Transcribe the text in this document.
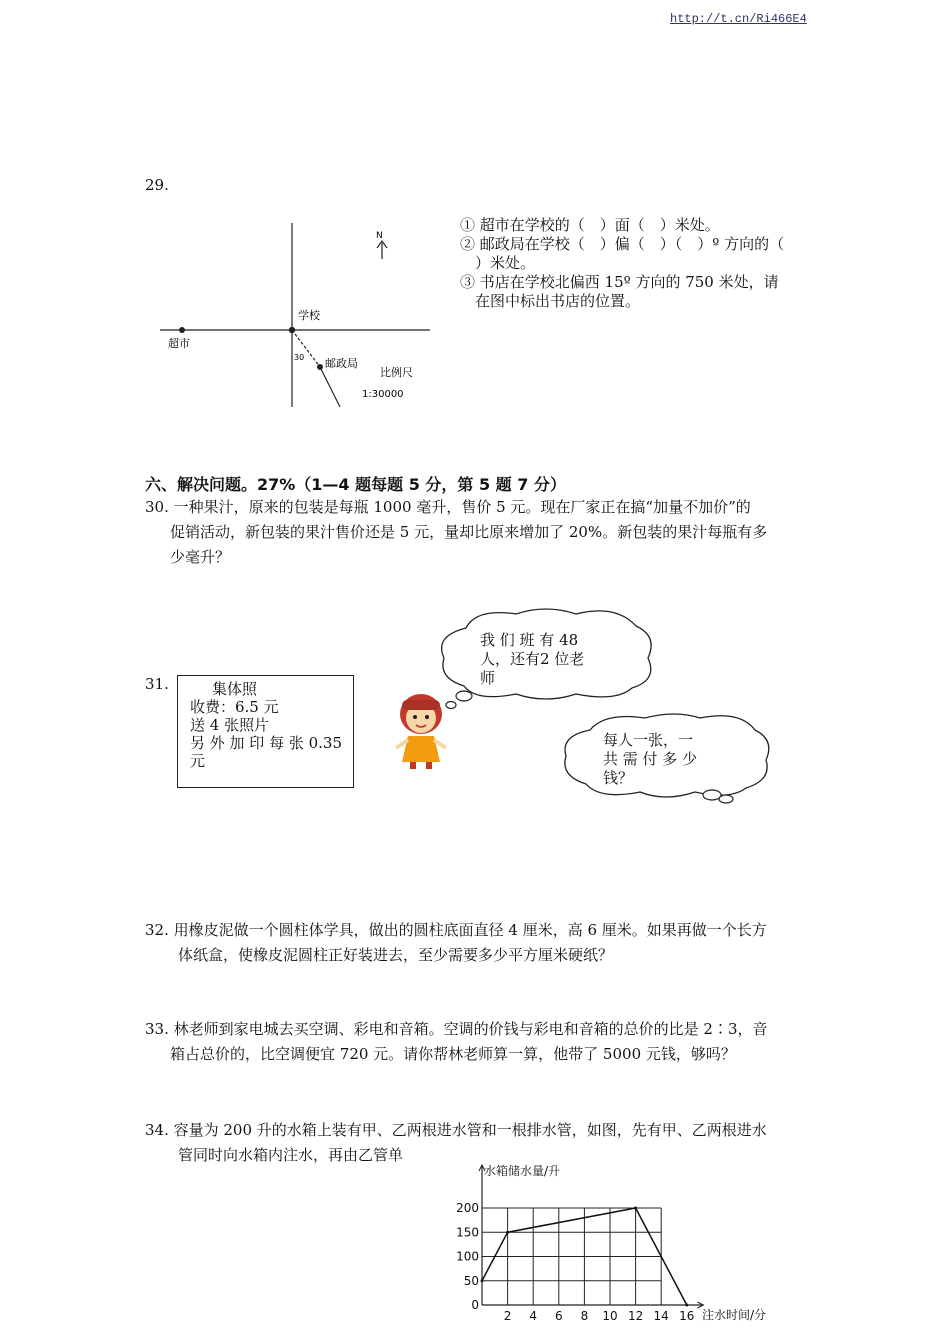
http://t.cn/Ri466E4
29.
N
学校
超市
30 邮政局
比例尺
1:30000
① 超市在学校的（　）面（　）米处。
② 邮政局在学校（　）偏（　）（　）º 方向的（
　）米处。
③ 书店在学校北偏西 15º 方向的 750 米处，请
　在图中标出书店的位置。
六、解决问题。27%（1—4 题每题 5 分，第 5 题 7 分）
30. 一种果汁，原来的包装是每瓶 1000 毫升，售价 5 元。现在厂家正在搞“加量不加价”的
促销活动，新包装的果汁售价还是 5 元，量却比原来增加了 20%。新包装的果汁每瓶有多
少毫升？
31.	集体照
收费：6.5 元
送 4 张照片
另 外 加 印 每 张 0.35
元
我 们 班 有 48
人，还有2 位老
师
每人一张，一
共 需 付 多 少
钱？
32. 用橡皮泥做一个圆柱体学具，做出的圆柱底面直径 4 厘米，高 6 厘米。如果再做一个长方
体纸盒，使橡皮泥圆柱正好装进去，至少需要多少平方厘米硬纸？
33. 林老师到家电城去买空调、彩电和音箱。空调的价钱与彩电和音箱的总价的比是 2∶3，音
箱占总价的，比空调便宜 720 元。请你帮林老师算一算，他带了 5000 元钱，够吗？
34. 容量为 200 升的水箱上装有甲、乙两根进水管和一根排水管，如图，先有甲、乙两根进水
管同时向水箱内注水，再由乙管单
水箱储水量/升
注水时间/分
2 4 6 8 10 12 14 16
0
50
100
150
200
